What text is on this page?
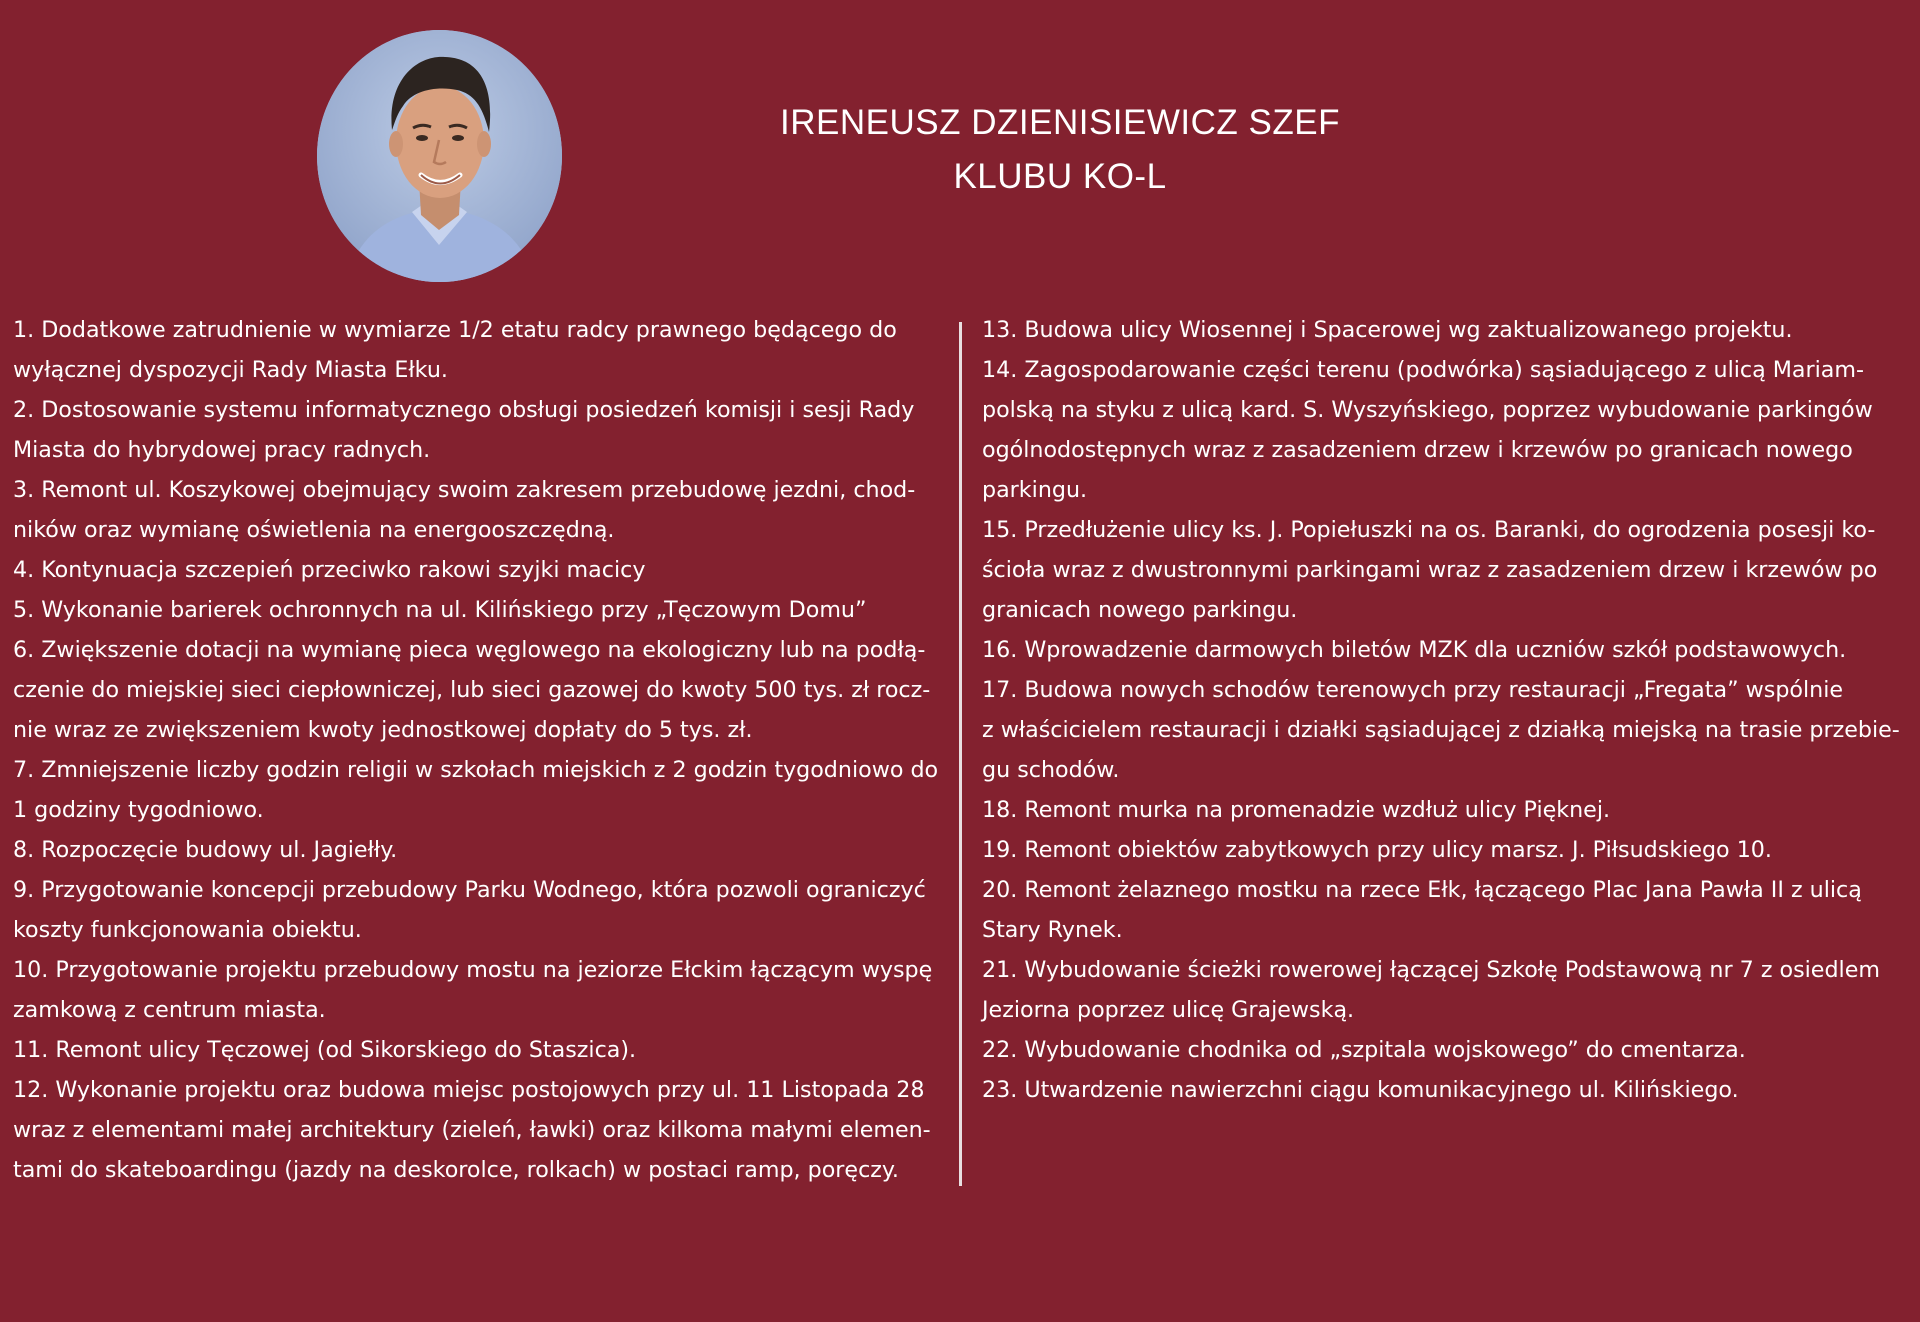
IRENEUSZ DZIENISIEWICZ SZEF
KLUBU KO-L

1. Dodatkowe zatrudnienie w wymiarze 1/2 etatu radcy prawnego będącego do
wyłącznej dyspozycji Rady Miasta Ełku.

2. Dostosowanie systemu informatycznego obsługi posiedzeń komisji i sesji Rady
Miasta do hybrydowej pracy radnych.

3. Remont ul. Koszykowej obejmujący swoim zakresem przebudowę jezdni, chod-
ników oraz wymianę oświetlenia na energooszczędną.

4. Kontynuacja szczepień przeciwko rakowi szyjki macicy

5. Wykonanie barierek ochronnych na ul. Kilińskiego przy „Tęczowym Domu”

6. Zwiększenie dotacji na wymianę pieca węglowego na ekologiczny lub na podłą-
czenie do miejskiej sieci ciepłowniczej, lub sieci gazowej do kwoty 500 tys. zł rocz-
nie wraz ze zwiększeniem kwoty jednostkowej dopłaty do 5 tys. zł.

7. Zmniejszenie liczby godzin religii w szkołach miejskich z 2 godzin tygodniowo do
1 godziny tygodniowo.

8. Rozpoczęcie budowy ul. Jagiełły.

9. Przygotowanie koncepcji przebudowy Parku Wodnego, która pozwoli ograniczyć
koszty funkcjonowania obiektu.

10. Przygotowanie projektu przebudowy mostu na jeziorze Ełckim łączącym wyspę
zamkową z centrum miasta.

11. Remont ulicy Tęczowej (od Sikorskiego do Staszica).

12. Wykonanie projektu oraz budowa miejsc postojowych przy ul. 11 Listopada 28
wraz z elementami małej architektury (zieleń, ławki) oraz kilkoma małymi elemen-
tami do skateboardingu (jazdy na deskorolce, rolkach) w postaci ramp, poręczy.

13. Budowa ulicy Wiosennej i Spacerowej wg zaktualizowanego projektu.

14. Zagospodarowanie części terenu (podwórka) sąsiadującego z ulicą Mariam-
polską na styku z ulicą kard. S. Wyszyńskiego, poprzez wybudowanie parkingów
ogólnodostępnych wraz z zasadzeniem drzew i krzewów po granicach nowego
parkingu.

15. Przedłużenie ulicy ks. J. Popiełuszki na os. Baranki, do ogrodzenia posesji ko-
ścioła wraz z dwustronnymi parkingami wraz z zasadzeniem drzew i krzewów po
granicach nowego parkingu.

16. Wprowadzenie darmowych biletów MZK dla uczniów szkół podstawowych.

17. Budowa nowych schodów terenowych przy restauracji „Fregata” wspólnie
z właścicielem restauracji i działki sąsiadującej z działką miejską na trasie przebie-
gu schodów.

18. Remont murka na promenadzie wzdłuż ulicy Pięknej.

19. Remont obiektów zabytkowych przy ulicy marsz. J. Piłsudskiego 10.

20. Remont żelaznego mostku na rzece Ełk, łączącego Plac Jana Pawła II z ulicą
Stary Rynek.

21. Wybudowanie ścieżki rowerowej łączącej Szkołę Podstawową nr 7 z osiedlem
Jeziorna poprzez ulicę Grajewską.

22. Wybudowanie chodnika od „szpitala wojskowego” do cmentarza.

23. Utwardzenie nawierzchni ciągu komunikacyjnego ul. Kilińskiego.
